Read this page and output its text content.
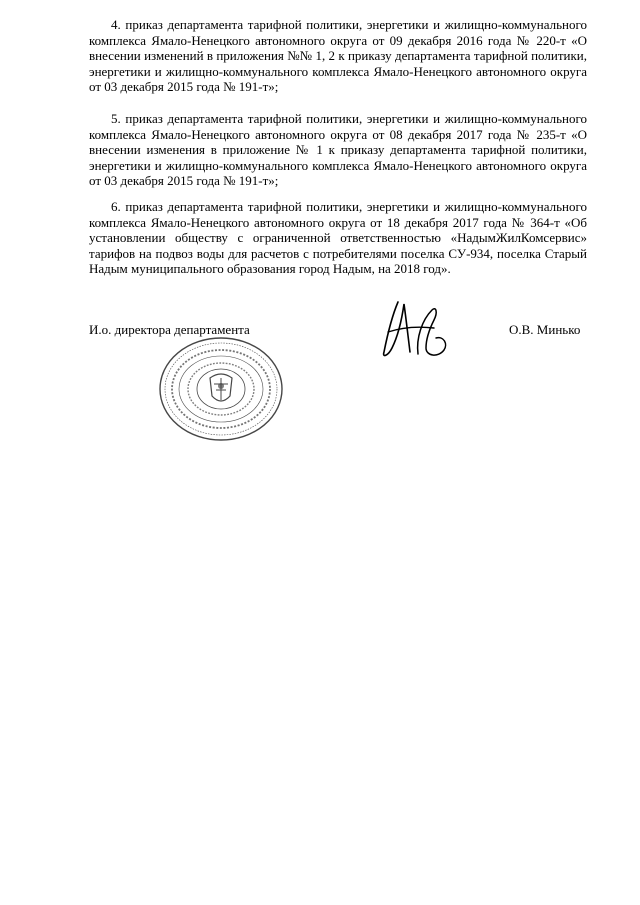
4. приказ департамента тарифной политики, энергетики и жилищно-коммунального комплекса Ямало-Ненецкого автономного округа от 09 декабря 2016 года № 220-т «О внесении изменений в приложения №№ 1, 2 к приказу департамента тарифной политики, энергетики и жилищно-коммунального комплекса Ямало-Ненецкого автономного округа от 03 декабря 2015 года № 191-т»;

5. приказ департамента тарифной политики, энергетики и жилищно-коммунального комплекса Ямало-Ненецкого автономного округа от 08 декабря 2017 года № 235-т «О внесении изменения в приложение № 1 к приказу департамента тарифной политики, энергетики и жилищно-коммунального комплекса Ямало-Ненецкого автономного округа от 03 декабря 2015 года № 191-т»;

6. приказ департамента тарифной политики, энергетики и жилищно-коммунального комплекса Ямало-Ненецкого автономного округа от 18 декабря 2017 года № 364-т «Об установлении обществу с ограниченной ответственностью «НадымЖилКомсервис» тарифов на подвоз воды для расчетов с потребителями поселка СУ-934, поселка Старый Надым муниципального образования город Надым, на 2018 год».

И.о. директора департамента	О.В. Минько
